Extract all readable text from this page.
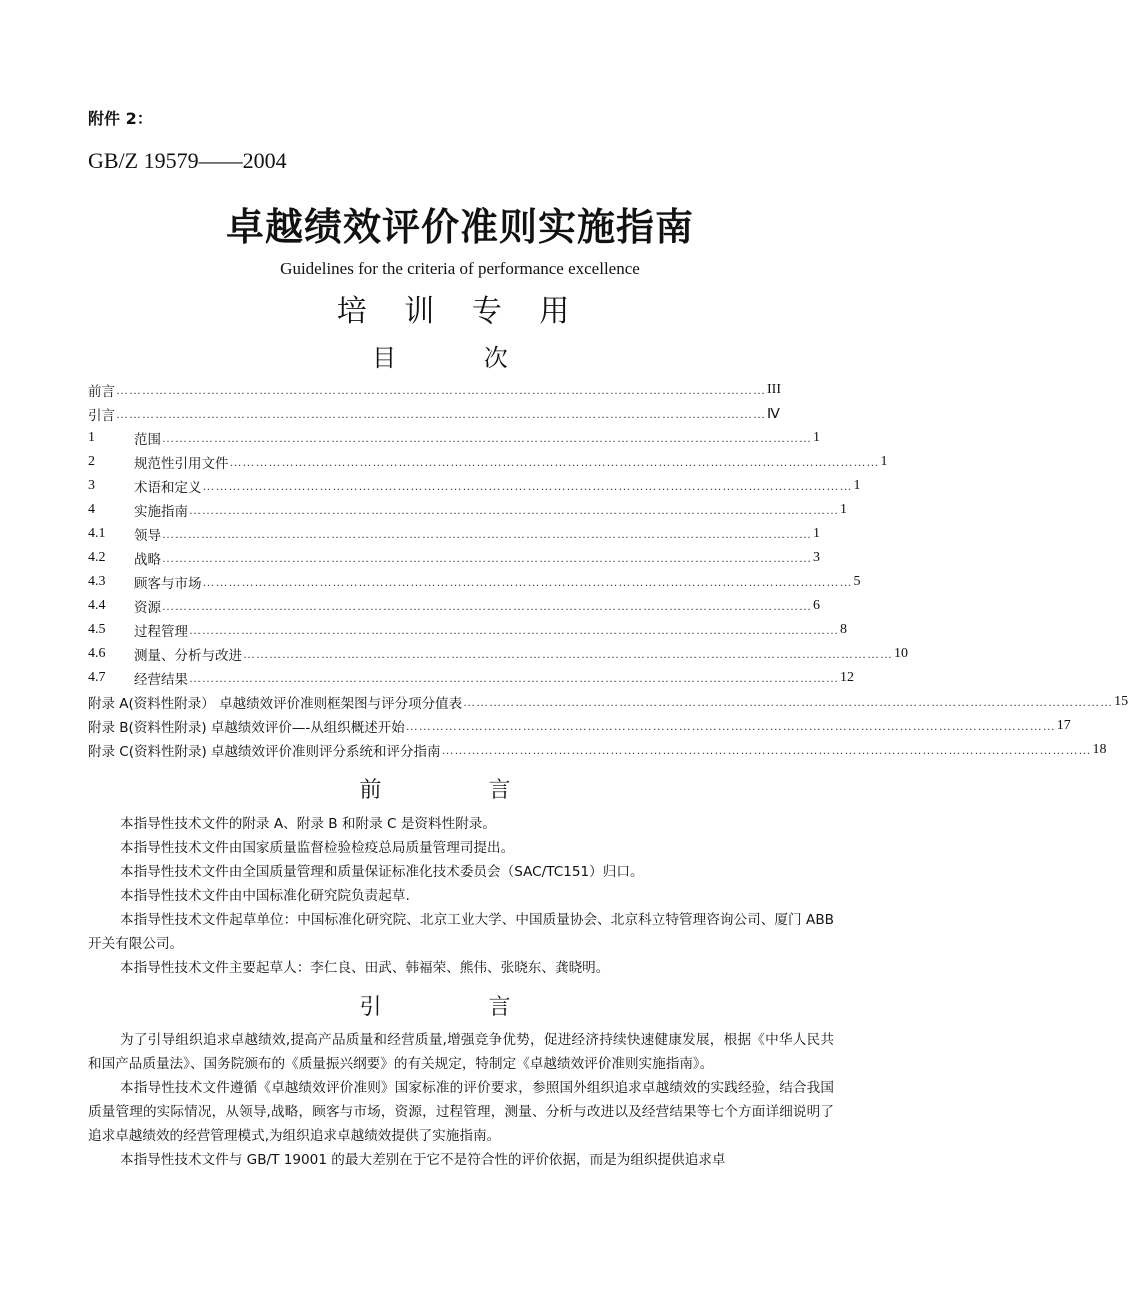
附件 2：
GB/Z 19579——2004
卓越绩效评价准则实施指南
Guidelines for the criteria of performance excellence
培 训 专 用
目 次
前言 …………………………………………………………………………………………………………………………………… III
引言 …………………………………………………………………………………………………………………………………… Ⅳ
1	范围 …………………………………………………………………………………………………………………………………… 1
2	规范性引用文件 …………………………………………………………………………………………………………………………………… 1
3	术语和定义 …………………………………………………………………………………………………………………………………… 1
4	实施指南 …………………………………………………………………………………………………………………………………… 1
4.1	领导 …………………………………………………………………………………………………………………………………… 1
4.2	战略 …………………………………………………………………………………………………………………………………… 3
4.3	顾客与市场 …………………………………………………………………………………………………………………………………… 5
4.4	资源 …………………………………………………………………………………………………………………………………… 6
4.5	过程管理 …………………………………………………………………………………………………………………………………… 8
4.6	测量、分析与改进 …………………………………………………………………………………………………………………………………… 10
4.7	经营结果 …………………………………………………………………………………………………………………………………… 12
附录 A(资料性附录） 卓越绩效评价准则框架图与评分项分值表 …………………………………………………………………………………………………………………………………… 15
附录 B(资料性附录) 卓越绩效评价—-从组织概述开始 …………………………………………………………………………………………………………………………………… 17
附录 C(资料性附录) 卓越绩效评价准则评分系统和评分指南 …………………………………………………………………………………………………………………………………… 18
前 言

本指导性技术文件的附录 A、附录 B 和附录 C 是资料性附录。

本指导性技术文件由国家质量监督检验检疫总局质量管理司提出。

本指导性技术文件由全国质量管理和质量保证标准化技术委员会（SAC/TC151）归口。

本指导性技术文件由中国标准化研究院负责起草.

本指导性技术文件起草单位：中国标准化研究院、北京工业大学、中国质量协会、北京科立特管理咨询公司、厦门 ABB 开关有限公司。

本指导性技术文件主要起草人：李仁良、田武、韩福荣、熊伟、张晓东、龚晓明。

引 言

为了引导组织追求卓越绩效,提高产品质量和经营质量,增强竞争优势，促进经济持续快速健康发展，根据《中华人民共和国产品质量法》、国务院颁布的《质量振兴纲要》的有关规定，特制定《卓越绩效评价准则实施指南》。

本指导性技术文件遵循《卓越绩效评价准则》国家标准的评价要求，参照国外组织追求卓越绩效的实践经验，结合我国质量管理的实际情况，从领导,战略，顾客与市场，资源，过程管理，测量、分析与改进以及经营结果等七个方面详细说明了追求卓越绩效的经营管理模式,为组织追求卓越绩效提供了实施指南。

本指导性技术文件与 GB/T 19001 的最大差别在于它不是符合性的评价依据，而是为组织提供追求卓
